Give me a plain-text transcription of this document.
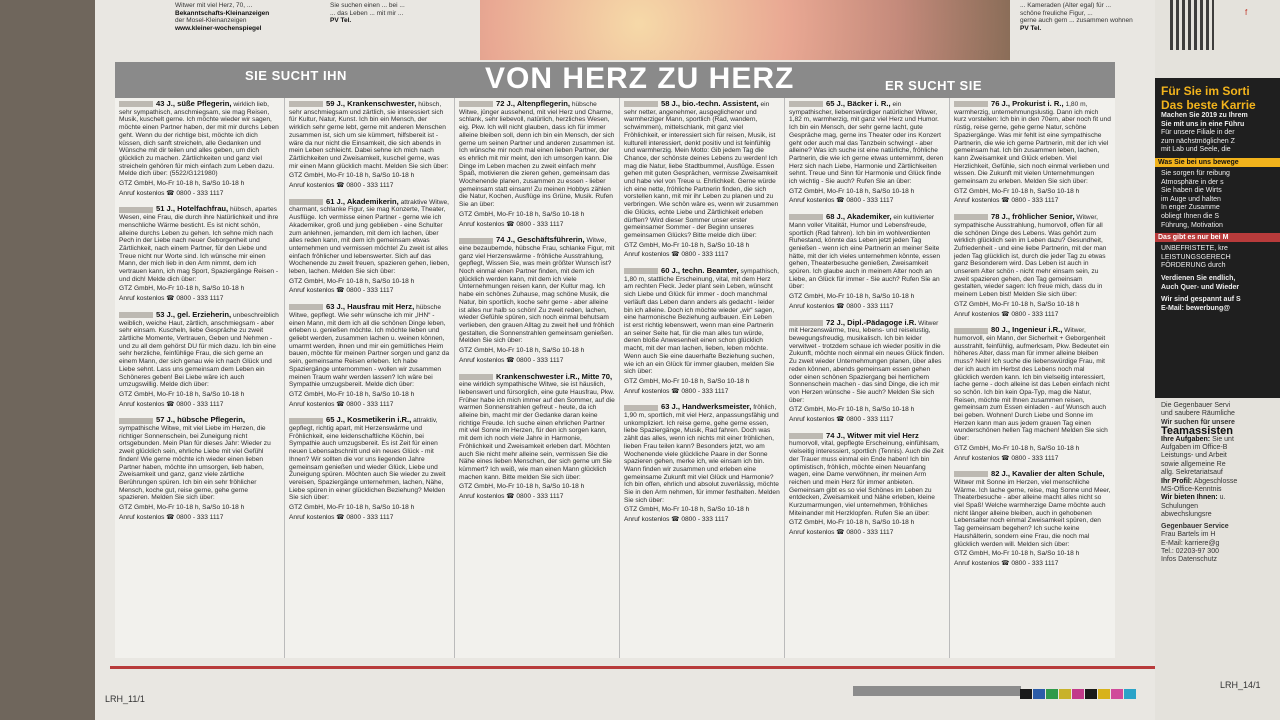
Witwer mit viel Herz, 70, ...
Bekanntschafts-Kleinanzeigen
der Mosel-Kleinanzeigen
www.kleiner-wochenspiegel
Sie suchen einen ... bei ...
... das Leben ... mit mir ...
PV Tel.
... Kameraden (Alter egal) für ...
schöne freuliche Figur, ...
gerne auch gern ... zusammen wohnen
PV Tel.
SIE SUCHT IHN	VON HERZ ZU HERZ	ER SUCHT SIE
43 J., süße Pflegerin, wirklich lieb, sehr sympathisch, anschmiegsam, sie mag Reisen, Musik, kuschelt gerne. Ich möchte wieder wir sagen, möchte einen Partner haben, der mit mir durchs Leben geht. Wenn du der richtige bist, möchte ich dich küssen, dich sanft streicheln, alle Gedanken und Wünsche mit dir teilen und alles geben, um dich glücklich zu machen. Zärtlichkeiten und ganz viel streicheln gehören für mich einfach zum Leben dazu. Melde dich über: (5522/G121980)
GTZ GmbH, Mo-Fr 10-18 h, Sa/So 10-18 h
Anruf kostenlos ☎ 0800 - 333 1117
51 J., Hotelfachfrau, hübsch, apartes Wesen, eine Frau, die durch ihre Natürlichkeit und ihre menschliche Wärme besticht. Es ist nicht schön, alleine durchs Leben zu gehen. Ich sehne mich nach Pech in der Liebe nach neuer Geborgenheit und Zärtlichkeit, nach einem Partner, für den Liebe und Treue nicht nur Worte sind. Ich wünsche mir einen Mann, der mich lieb in den Arm nimmt, dem ich vertrauen kann, ich mag Sport, Spaziergänge Reisen - und dich! Melde dich über:
GTZ GmbH, Mo-Fr 10-18 h, Sa/So 10-18 h
Anruf kostenlos ☎ 0800 - 333 1117
53 J., gel. Erzieherin, unbeschreiblich weiblich, weiche Haut, zärtlich, anschmiegsam - aber sehr einsam. Kuscheln, liebe Gespräche zu zweit zärtliche Momente, Vertrauen, Geben und Nehmen - und zu all dem gehörst DU für mich dazu. Ich bin eine sehr herzliche, feinfühlige Frau, die sich gerne an einem Mann, der sich genau wie ich nach Glück und Liebe sehnt. Lass uns gemeinsam dem Leben ein Schöneres geben! Bei Liebe wäre ich auch umzugswillig. Melde dich über:
GTZ GmbH, Mo-Fr 10-18 h, Sa/So 10-18 h
Anruf kostenlos ☎ 0800 - 333 1117
57 J., hübsche Pflegerin, sympathische Witwe, mit viel Liebe im Herzen, die richtiger Sonnenschein, bei Zuneigung nicht ortsgebunden. Mein Plan für dieses Jahr: Wieder zu zweit glücklich sein, ehrliche Liebe mit viel Gefühl finden! Wie gerne möchte ich wieder einen lieben Partner haben, möchte ihn umsorgen, lieb haben, Zweisamkeit und ganz, ganz viele zärtliche Berührungen spüren. Ich bin ein sehr fröhlicher Mensch, koche gut, reise gerne, gehe gerne spazieren. Melden Sie sich über:
GTZ GmbH, Mo-Fr 10-18 h, Sa/So 10-18 h
Anruf kostenlos ☎ 0800 - 333 1117
59 J., Krankenschwester, hübsch, sehr anschmiegsam und zärtlich, sie interessiert sich für Kultur, Natur, Kunst. Ich bin ein Mensch, der wirklich sehr gerne lebt, gerne mit anderen Menschen zusammen ist, sich um sie kümmert, hilfsbereit ist - wäre da nur nicht die Einsamkeit, die sich abends in mein Leben schleicht. Dabei sehne ich mich nach Zärtlichkeiten und Zweisamkeit, kuschel gerne, was mir einen Mann glücklich macht. Melden Sie sich über:
GTZ GmbH, Mo-Fr 10-18 h, Sa/So 10-18 h
Anruf kostenlos ☎ 0800 - 333 1117
61 J., Akademikerin, attraktive Witwe, charmant, schlanke Figur, sie mag Konzerte, Theater, Ausflüge. Ich vermisse einen Partner - gerne wie ich Akademiker, groß und jung geblieben - eine Schulter zum anlehnen, jemanden, mit dem ich lachen, über alles reden kann, mit dem ich gemeinsam etwas unternehmen und vermissen möchte! Zu zweit ist alles einfach fröhlicher und lebenswerter. Sich auf das Wochenende zu zweit freuen, spazieren gehen, lieben, leben, lachen. Melden Sie sich über:
GTZ GmbH, Mo-Fr 10-18 h, Sa/So 10-18 h
Anruf kostenlos ☎ 0800 - 333 1117
63 J., Hausfrau mit Herz, hübsche Witwe, gepflegt. Wie sehr wünsche ich mir „IHN“ - einen Mann, mit dem ich all die schönen Dinge leben, erleben u. genießen möchte. Ich möchte lieben und geliebt werden, zusammen lachen u. weinen können, umarmt werden, ihnen und mir ein gemütliches Heim bauen, möchte für meinen Partner sorgen und ganz da sein, gemeinsame Reisen erleben. Ich habe Spaziergänge unternommen - wollen wir zusammen meinen Traum wahr werden lassen? Ich wäre bei Sympathie umzugsbereit. Melde dich über:
GTZ GmbH, Mo-Fr 10-18 h, Sa/So 10-18 h
Anruf kostenlos ☎ 0800 - 333 1117
65 J., Kosmetikerin i.R., attraktiv, gepflegt, richtig apart, mit Herzenswärme und Fröhlichkeit, eine leidenschaftliche Köchin, bei Sympathie auch umzugsbereit. Es ist Zeit für einen neuen Lebensabschnitt und ein neues Glück - mit Ihnen? Wir sollten die vor uns liegenden Jahre gemeinsam genießen und wieder Glück, Liebe und Zuneigung spüren. Möchten auch Sie wieder zu zweit vereisen, Spaziergänge unternehmen, lachen, Nähe, Liebe spüren in einer glücklichen Beziehung? Melden Sie sich über:
GTZ GmbH, Mo-Fr 10-18 h, Sa/So 10-18 h
Anruf kostenlos ☎ 0800 - 333 1117
72 J., Altenpflegerin, hübsche Witwe, jünger aussehend, mit viel Herz und Charme, schlank, sehr liebevoll, natürlich, herzliches Wesen, eig. Pkw. Ich will nicht glauben, dass ich für immer alleine bleiben soll, denn ich bin ein Mensch, der sich gerne um seinen Partner und anderen zusammen ist. Ich wünsche mir noch mal einen lieben Partner, der es ehrlich mit mir meint, den ich umsorgen kann. Die Dinge im Leben machen zu zweit einfach mehr Spaß, motivieren die zieren gehen, gemeinsam das Wochenende planen, zusammen zu essen - lieber gemeinsam statt einsam! Zu meinen Hobbys zählen die Natur, Kochen, Ausflüge ins Grüne, Musik. Rufen Sie an über:
GTZ GmbH, Mo-Fr 10-18 h, Sa/So 10-18 h
Anruf kostenlos ☎ 0800 - 333 1117
74 J., Geschäftsführerin, Witwe, eine bezaubernde, hübsche Frau, schlanke Figur, mit ganz viel Herzenswärme - fröhliche Ausstrahlung, gepflegt, Wissen Sie, was mein größter Wunsch ist? Noch einmal einen Partner finden, mit dem ich glücklich werden kann, mit dem ich viele Unternehmungen reisen kann, der Kultur mag. Ich habe ein schönes Zuhause, mag schöne Musik, die Natur, bin sportlich, koche sehr gerne - aber alleine ist alles nur halb so schön! Zu zweit reden, lachen, wieder Gefühle spüren, sich noch einmal behutsam verlieben, den grauen Alltag zu zweit hell und fröhlich gestalten, die Sonnenstrahlen gemeinsam genießen. Melden Sie sich über:
GTZ GmbH, Mo-Fr 10-18 h, Sa/So 10-18 h
Anruf kostenlos ☎ 0800 - 333 1117
Krankenschwester i.R., Mitte 70, eine wirklich sympathische Witwe, sie ist häuslich, liebenswert und fürsorglich, eine gute Hausfrau, Pkw. Früher habe ich mich immer auf den Sommer, auf die warmen Sonnenstrahlen gefreut - heute, da ich alleine bin, macht mir der Gedanke daran keine richtige Freude. Ich suche einen ehrlichen Partner mit viel Sonne im Herzen, für den ich sorgen kann, mit dem ich noch viele Jahre in Harmonie, Fröhlichkeit und Zweisamkeit erleben darf. Möchten auch Sie nicht mehr alleine sein, vermissen Sie die Nähe eines lieben Menschen, der sich gerne um Sie kümmert? Ich weiß, wie man einen Mann glücklich machen kann. Bitte melden Sie sich über:
GTZ GmbH, Mo-Fr 10-18 h, Sa/So 10-18 h
Anruf kostenlos ☎ 0800 - 333 1117
58 J., bio.-techn. Assistent, ein sehr netter, angenehmer, ausgeglichener und warmherziger Mann, sportlich (Rad, wandern, schwimmen), mittelschlank, mit ganz viel Fröhlichkeit, er interessiert sich für reisen, Musik, ist kulturell interessiert, denkt positiv und ist feinfühlig und warmherzig. Mein Motto: Gib jedem Tag die Chance, der schönste deines Lebens zu werden! Ich mag die Natur, liebe Stadtbummel, Ausflüge. Essen gehen mit guten Gesprächen, vermisse Zweisamkeit und habe viel von Treue u. Ehrlichkeit. Gerne würde ich eine nette, fröhliche Partnerin finden, die sich vorstellen kann, mit mir ihr Leben zu planen und zu verbringen. Wie schön wäre es, wenn wir zusammen die Glücks, echte Liebe und Zärtlichkeit erleben dürften? Wird dieser Sommer unser erster gemeinsamer Sommer - der Beginn unseres gemeinsamen Glücks? Bitte melde dich über:
GTZ GmbH, Mo-Fr 10-18 h, Sa/So 10-18 h
Anruf kostenlos ☎ 0800 - 333 1117
60 J., techn. Beamter, sympathisch, 1,80 m, stattliche Erscheinung, vital, mit dem Herz am rechten Fleck. Jeder plant sein Leben, wünscht sich Liebe und Glück für immer - doch manchmal verläuft das Leben dann anders als gedacht - leider bin ich alleine. Doch ich möchte wieder „wir“ sagen, eine harmonische Beziehung aufbauen. Ein Leben ist erst richtig lebenswert, wenn man eine Partnerin an seiner Seite hat, für die man alles tun würde, deren bloße Anwesenheit einen schon glücklich macht, mit der man lachen, lieben, leben möchte. Wenn auch Sie eine dauerhafte Beziehung suchen, wie ich an ein Glück für immer glauben, melden Sie sich über:
GTZ GmbH, Mo-Fr 10-18 h, Sa/So 10-18 h
Anruf kostenlos ☎ 0800 - 333 1117
63 J., Handwerksmeister, fröhlich, 1,90 m, sportlich, mit viel Herz, anpassungsfähig und unkompliziert. Ich reise gerne, gehe gerne essen, liebe Spaziergänge, Musik, Rad fahren. Doch was zählt das alles, wenn ich nichts mit einer fröhlichen, lieben Frau teilen kann? Besonders jetzt, wo am Wochenende viele glückliche Paare in der Sonne spazieren gehen, merke ich, wie einsam ich bin. Wann finden wir zusammen und erleben eine gemeinsame Zukunft mit viel Glück und Harmonie? Ich bin offen, ehrlich und absolut zuverlässig, möchte Sie in den Arm nehmen, für immer festhalten. Melden Sie sich über:
GTZ GmbH, Mo-Fr 10-18 h, Sa/So 10-18 h
Anruf kostenlos ☎ 0800 - 333 1117
65 J., Bäcker i. R., ein sympathischer, liebenswürdiger natürlicher Witwer, 1,82 m, warmherzig, mit ganz viel Herz und Humor. Ich bin ein Mensch, der sehr gerne lacht, gute Gespräche mag, gerne ins Theater oder ins Konzert geht oder auch mal das Tanzbein schwingt - aber alleine? Was ich suche ist eine natürliche, fröhliche Partnerin, die wie ich gerne etwas unternimmt, deren Herz sich nach Liebe, Harmonie und Zärtlichkeiten sehnt. Treue und Sinn für Harmonie und Glück finde ich wichtig - Sie auch? Rufen Sie an über:
GTZ GmbH, Mo-Fr 10-18 h, Sa/So 10-18 h
Anruf kostenlos ☎ 0800 - 333 1117
68 J., Akademiker, ein kultivierter Mann voller Vitalität, Humor und Lebensfreude, sportlich (Rad fahren). Ich bin im wohlverdienten Ruhestand, könnte das Leben jetzt jeden Tag genießen - wenn ich eine Partnerin an meiner Seite hätte, mit der ich vieles unternehmen könnte, essen gehen, Theaterbesuche genießen, Zweisamkeit spüren. Ich glaube auch in meinem Alter noch an Liebe, an Glück für immer - Sie auch? Rufen Sie an über:
GTZ GmbH, Mo-Fr 10-18 h, Sa/So 10-18 h
Anruf kostenlos ☎ 0800 - 333 1117
72 J., Dipl.-Pädagoge i.R. Witwer mit Herzenswärme, treu, lebens- und reiselustig, bewegungsfreudig, musikalisch. Ich bin leider verwitwet - trotzdem schaue ich wieder positiv in die Zukunft, möchte noch einmal ein neues Glück finden. Zu zweit wieder Unternehmungen planen, über alles reden können, abends gemeinsam essen gehen oder einen schönen Spaziergang bei herrlichem Sonnenschein machen - das sind Dinge, die ich mir von Herzen wünsche - Sie auch? Melden Sie sich über:
GTZ GmbH, Mo-Fr 10-18 h, Sa/So 10-18 h
Anruf kostenlos ☎ 0800 - 333 1117
74 J., Witwer mit viel Herz humorvoll, vital, gepflegte Erscheinung, einfühlsam, vielseitig interessiert, sportlich (Tennis). Auch die Zeit der Trauer muss einmal ein Ende haben! Ich bin optimistisch, fröhlich, möchte einen Neuanfang wagen, eine Dame verwöhnen, ihr meinen Arm reichen und mein Herz für immer anbieten. Gemeinsam gibt es so viel Schönes im Leben zu entdecken, Zweisamkeit und Nähe erleben, kleine Kurzumarmungen, viel unternehmen, fröhliches Miteinander mit Herzklopfen. Rufen Sie an über:
GTZ GmbH, Mo-Fr 10-18 h, Sa/So 10-18 h
Anruf kostenlos ☎ 0800 - 333 1117
76 J., Prokurist i. R., 1,80 m, warmherzig, unternehmungslustig. Dann ich mich kurz vorstellen: Ich bin in den 70ern, aber noch fit und rüstig, reise gerne, gehe gerne Natur, schöne Spaziergänge. Was mir fehlt ist eine sympathische Partnerin, die wie ich gerne Partnerin, mit der ich viel gemeinsam hat. Ich bin zusammen leben, lachen, kann Zweisamkeit und Glück erleben. Viel Herzlichkeit, Gefühle, sich noch einmal verlieben und wissen. Die Zukunft mit vielen Unternehmungen gemeinsam zu erleben. Melden Sie sich über:
GTZ GmbH, Mo-Fr 10-18 h, Sa/So 10-18 h
Anruf kostenlos ☎ 0800 - 333 1117
78 J., fröhlicher Senior, Witwer, sympathische Ausstrahlung, humorvoll, offen für all die schönen Dinge des Lebens. Was gehört zum wirklich glücklich sein im Leben dazu? Gesundheit, Zufriedenheit - und eine liebe Partnerin, mit der man jeden Tag glücklich ist, durch die jeder Tag zu etwas ganz Besonderem wird. Das Leben ist auch in unserem Alter schön - nicht mehr einsam sein, zu zweit spazieren gehen, den Tag gemeinsam gestalten, wieder sagen: Ich freue mich, dass du in meinem Leben bist! Melden Sie sich über:
GTZ GmbH, Mo-Fr 10-18 h, Sa/So 10-18 h
Anruf kostenlos ☎ 0800 - 333 1117
80 J., Ingenieur i.R., Witwer, humorvoll, ein Mann, der Sicherheit + Geborgenheit ausstrahlt, feinfühlig, aufmerksam, Pkw. Bedeutet ein höheres Alter, dass man für immer alleine bleiben muss? Nein! Ich suche die liebenswürdige Frau, mit der ich auch im Herbst des Lebens noch mal glücklich werden kann. Ich bin vielseitig interessiert, lache gerne - doch alleine ist das Leben einfach nicht so schön. Ich bin kein Opa-Typ, mag die Natur, Reisen, möchte mit Ihnen zusammen reisen, gemeinsam zum Essen einladen - auf Wunsch auch bei geben. Wohnen! Durch Liebe und Sonne im Herzen kann man aus jedem grauen Tag einen wunderschönen hellen Tag machen! Melden Sie sich über:
GTZ GmbH, Mo-Fr 10-18 h, Sa/So 10-18 h
Anruf kostenlos ☎ 0800 - 333 1117
82 J., Kavalier der alten Schule, Witwer mit Sonne im Herzen, viel menschliche Wärme. Ich lache gerne, reise, mag Sonne und Meer, Theaterbesuche - aber alleine macht alles nicht so viel Spaß! Welche warmherzige Dame möchte auch nicht länger alleine bleiben, auch in gehobenen Lebensalter noch einmal Zweisamkeit spüren, den Tag gemeinsam begehen? Ich suche keine Haushälterin, sondern eine Frau, die noch mal glücklich werden will. Melden sich über:
GTZ GmbH, Mo-Fr 10-18 h, Sa/So 10-18 h
Anruf kostenlos ☎ 0800 - 333 1117
LRH_11/1
f
Für Sie im Sorti
Das beste Karrie
Machen Sie 2019 zu Ihrem
Sie mit uns in eine Führu
Für unsere Filiale in der
zum nächstmöglichen Z
mit Lab und Seele, die
Was Sie bei uns bewege
Sie sorgen für reibung
Atmosphäre in der s
Sie haben die Wirts
im Auge und halten
In enger Zusamme
obliegt Ihnen die S
Führung, Motivation
Das gibt es nur bei M
UNBEFRISTETE, kre
LEISTUNGSGERECH
FÖRDERUNG durch
Verdienen Sie endlich,
Auch Quer- und Wieder
Wir sind gespannt auf S
E-Mail: bewerbung@
Die Gegenbauer Servi
und saubere Räumliche
Wir suchen für unsere
Teamassisten
Ihre Aufgaben: Sie unt
Aufgaben im Office-B
Leistungs- und Arbeit
sowie allgemeine Re
allg. Sekretariatsauf
Ihr Profil: Abgeschlosse
MS-Office-Kenntnis
Wir bieten Ihnen: u.
Schulungen
abwechslungsre
Gegenbauer Service
Frau Bartels im H
E-Mail: karriere@g
Tel.: 02203-97 300
Infos Datenschutz
LRH_14/1
